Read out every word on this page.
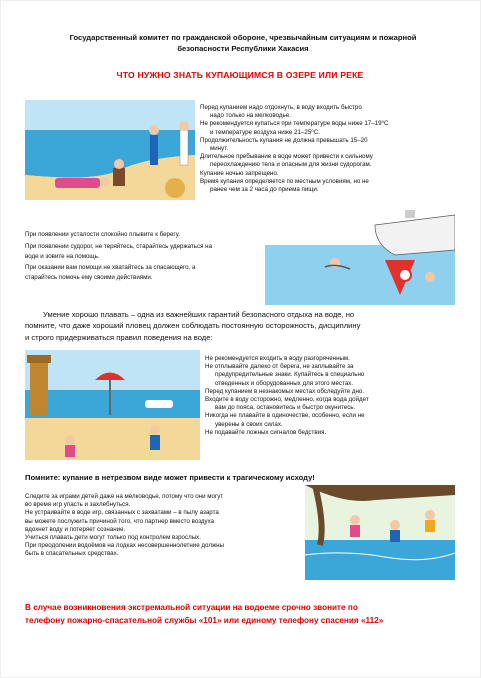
Государственный комитет по гражданской обороне, чрезвычайным ситуациям и пожарной
безопасности Республики Хакасия
ЧТО НУЖНО ЗНАТЬ КУПАЮЩИМСЯ В ОЗЕРЕ ИЛИ РЕКЕ

Перед купанием надо отдохнуть, в воду входить быстро

надо только на мелководье.

Не рекомендуется купаться при температуре воды ниже 17–19⁰С

и температуре воздуха ниже 21–25⁰С.

Продолжительность купания не должна превышать 15–20

минут.

Длительное пребывание в воде может привести к сильному

переохлаждению тела и опасным для жизни судорогам.

Купание ночью запрещено.

Время купания определяется по местным условиям, но не

ранее чем за 2 часа до приема пищи.

При появлении усталости спокойно плывите к берегу.

При появлении судорог, не теряйтесь, старайтесь удержаться на

воде и зовите на помощь.

При оказании вам помощи не хватайтесь за спасающего, а

старайтесь помочь ему своими действиями.

Умение хорошо плавать – одна из важнейших гарантий безопасного отдыха на воде, но
помните, что даже хороший пловец должен соблюдать постоянную осторожность, дисциплину
и строго придерживаться правил поведения на воде:

Не рекомендуется входить в воду разгоряченным.

Не отплывайте далеко от берега, не заплывайте за

предупредительные знаки. Купайтесь в специально

отведенных и оборудованных для этого местах.

Перед купанием в незнакомых местах обследуйте дно.

Входите в воду осторожно, медленно, когда вода дойдет

вам до пояса, остановитесь и быстро окунитесь.

Никогда не плавайте в одиночестве, особенно, если не

уверены в своих силах.

Не подавайте ложных сигналов бедствия.

Помните: купание в нетрезвом виде может привести к трагическому исходу!

Следите за играми детей даже на мелководье, потому что они могут

во время игр упасть и захлебнуться.

Не устраивайте в воде игр, связанных с захватами – в пылу азарта

вы можете послужить причиной того, что партнер вместо воздуха

вдохнет воду и потеряет сознание.

Учиться плавать дети могут только под контролем взрослых.

При преодолении водоёмов на лодках несовершеннолетние должны

быть в спасательных средствах.

В случае возникновения экстремальной ситуации на водоеме срочно звоните по
телефону пожарно-спасательной службы «101» или единому телефону спасения «112»
